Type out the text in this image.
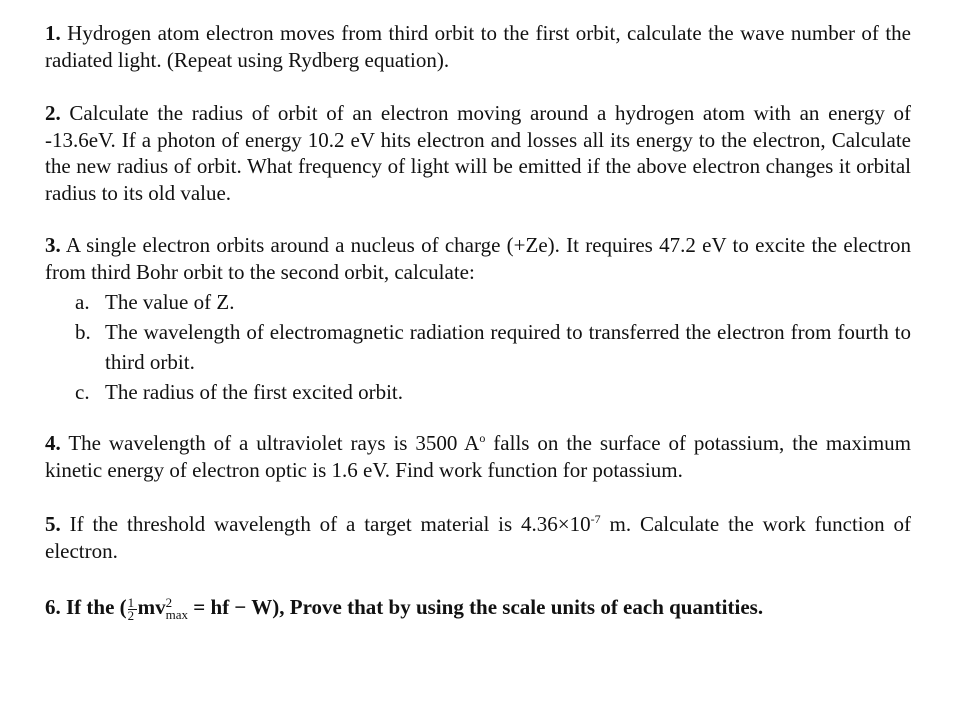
1. Hydrogen atom electron moves from third orbit to the first orbit, calculate the wave number of the radiated light. (Repeat using Rydberg equation).
2. Calculate the radius of orbit of an electron moving around a hydrogen atom with an energy of -13.6eV. If a photon of energy 10.2 eV hits electron and losses all its energy to the electron, Calculate the new radius of orbit. What frequency of light will be emitted if the above electron changes it orbital radius to its old value.
3. A single electron orbits around a nucleus of charge (+Ze). It requires 47.2 eV to excite the electron from third Bohr orbit to the second orbit, calculate:
a. The value of Z.
b. The wavelength of electromagnetic radiation required to transferred the electron from fourth to third orbit.
c. The radius of the first excited orbit.
4. The wavelength of a ultraviolet rays is 3500 $A^o$ falls on the surface of potassium, the maximum kinetic energy of electron optic is 1.6 eV. Find work function for potassium.
5. If the threshold wavelength of a target material is $4.36\times 10^{-7}$ m. Calculate the work function of electron.
6. If the ( $\frac{1}{2}$ mv 2
max = hf − W), Prove that by using the scale units of each quantities.
